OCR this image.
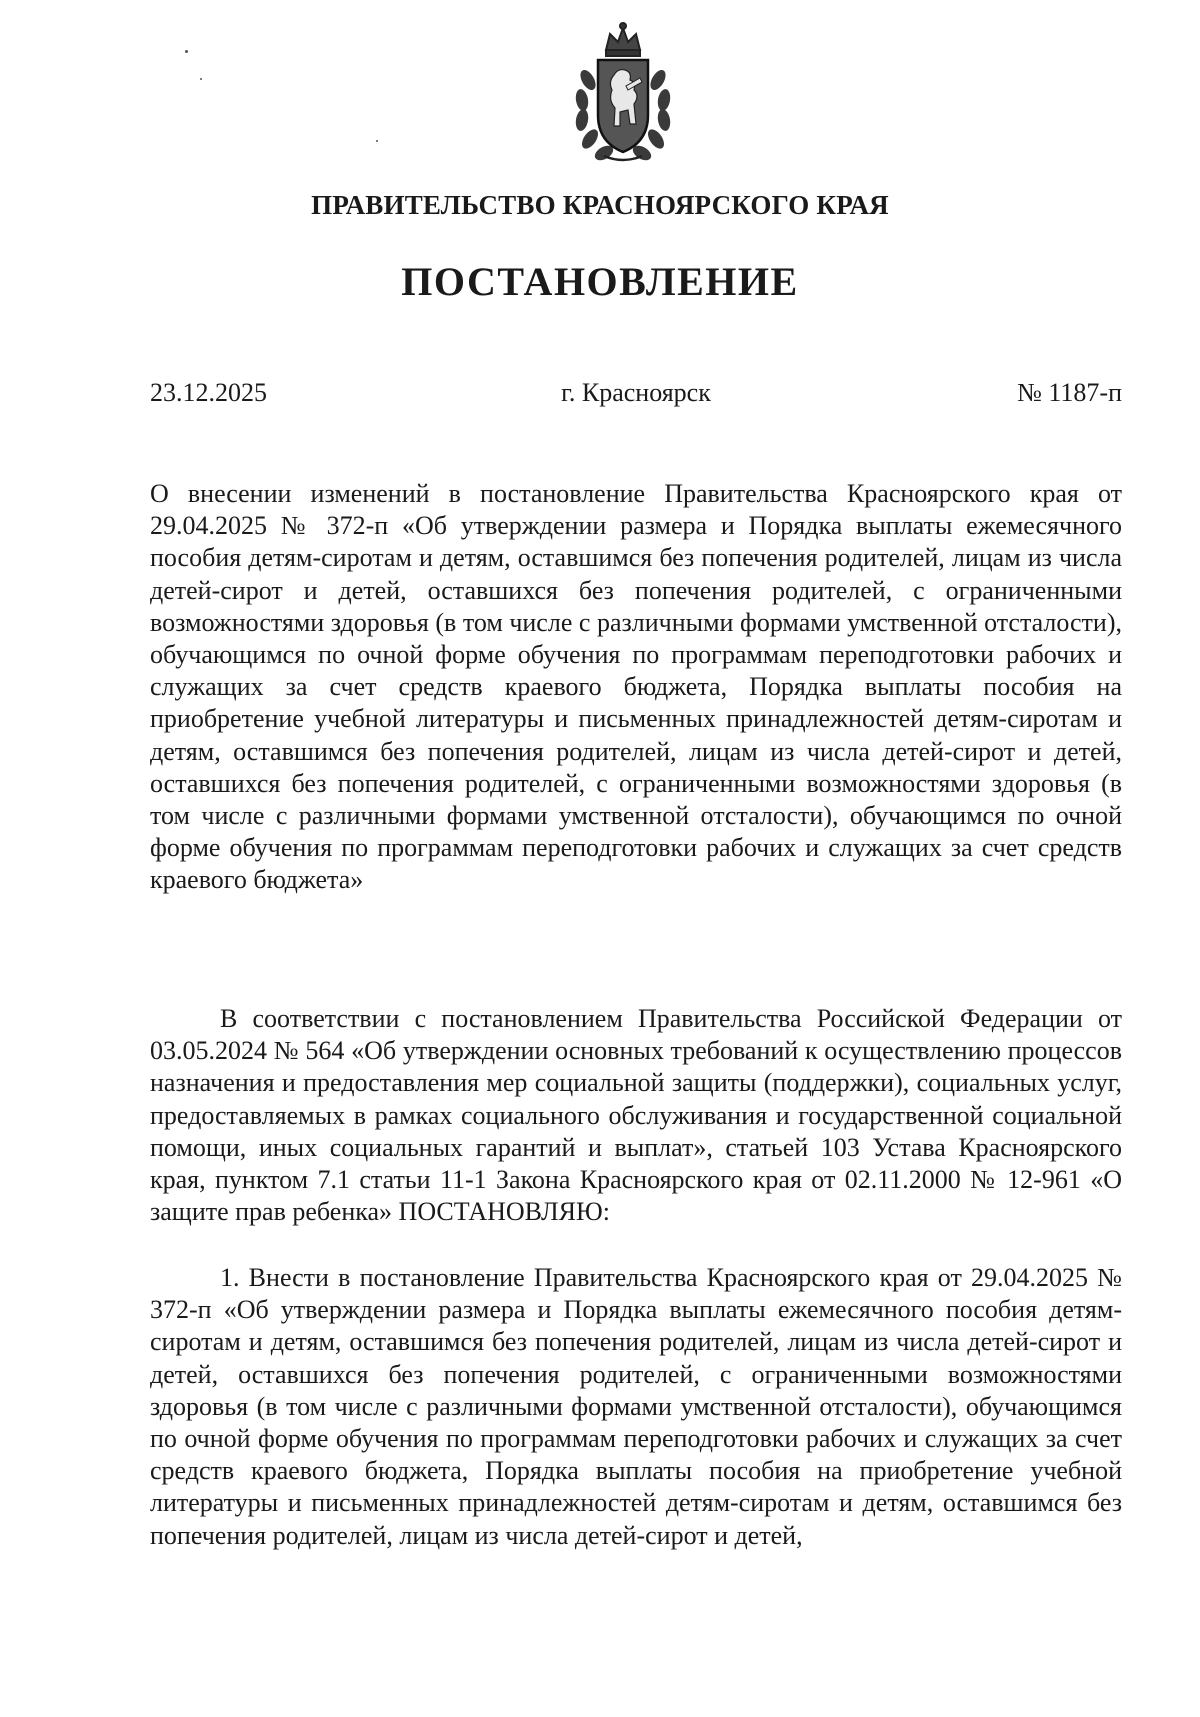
ПРАВИТЕЛЬСТВО КРАСНОЯРСКОГО КРАЯ
ПОСТАНОВЛЕНИЕ
г. Красноярск
23.12.2025	№ 1187-п

О внесении изменений в постановление Правительства Красноярского края от 29.04.2025 № 372-п «Об утверждении размера и Порядка выплаты ежемесячного пособия детям-сиротам и детям, оставшимся без попечения родителей, лицам из числа детей-сирот и детей, оставшихся без попечения родителей, с ограниченными возможностями здоровья (в том числе с различными формами умственной отсталости), обучающимся по очной форме обучения по программам переподготовки рабочих и служащих за счет средств краевого бюджета, Порядка выплаты пособия на приобретение учебной литературы и письменных принадлежностей детям-сиротам и детям, оставшимся без попечения родителей, лицам из числа детей-сирот и детей, оставшихся без попечения родителей, с ограниченными возможностями здоровья (в том числе с различными формами умственной отсталости), обучающимся по очной форме обучения по программам переподготовки рабочих и служащих за счет средств краевого бюджета»

В соответствии с постановлением Правительства Российской Федерации от 03.05.2024 № 564 «Об утверждении основных требований к осуществлению процессов назначения и предоставления мер социальной защиты (поддержки), социальных услуг, предоставляемых в рамках социального обслуживания и государственной социальной помощи, иных социальных гарантий и выплат», статьей 103 Устава Красноярского края, пунктом 7.1 статьи 11-1 Закона Красноярского края от 02.11.2000 № 12-961 «О защите прав ребенка» ПОСТАНОВЛЯЮ:

1. Внести в постановление Правительства Красноярского края от 29.04.2025 № 372-п «Об утверждении размера и Порядка выплаты ежемесячного пособия детям-сиротам и детям, оставшимся без попечения родителей, лицам из числа детей-сирот и детей, оставшихся без попечения родителей, с ограниченными возможностями здоровья (в том числе с различными формами умственной отсталости), обучающимся по очной форме обучения по программам переподготовки рабочих и служащих за счет средств краевого бюджета, Порядка выплаты пособия на приобретение учебной литературы и письменных принадлежностей детям-сиротам и детям, оставшимся без попечения родителей, лицам из числа детей-сирот и детей,
